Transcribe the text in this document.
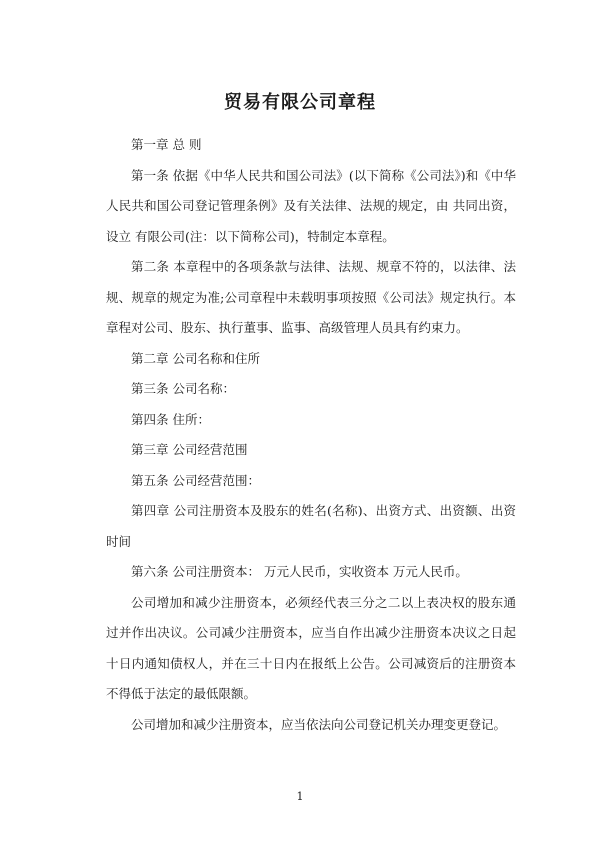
贸易有限公司章程

第一章 总 则

第一条 依据《中华人民共和国公司法》(以下简称《公司法》)和《中华人民共和国公司登记管理条例》及有关法律、法规的规定，由 共同出资，设立 有限公司(注：以下简称公司)，特制定本章程。

第二条 本章程中的各项条款与法律、法规、规章不符的，以法律、法规、规章的规定为准;公司章程中未载明事项按照《公司法》规定执行。本章程对公司、股东、执行董事、监事、高级管理人员具有约束力。

第二章 公司名称和住所

第三条 公司名称：

第四条 住所：

第三章 公司经营范围

第五条 公司经营范围：

第四章 公司注册资本及股东的姓名(名称)、出资方式、出资额、出资时间

第六条 公司注册资本： 万元人民币，实收资本 万元人民币。

公司增加和减少注册资本，必须经代表三分之二以上表决权的股东通过并作出决议。公司减少注册资本，应当自作出减少注册资本决议之日起十日内通知债权人，并在三十日内在报纸上公告。公司减资后的注册资本不得低于法定的最低限额。

公司增加和减少注册资本，应当依法向公司登记机关办理变更登记。

1
